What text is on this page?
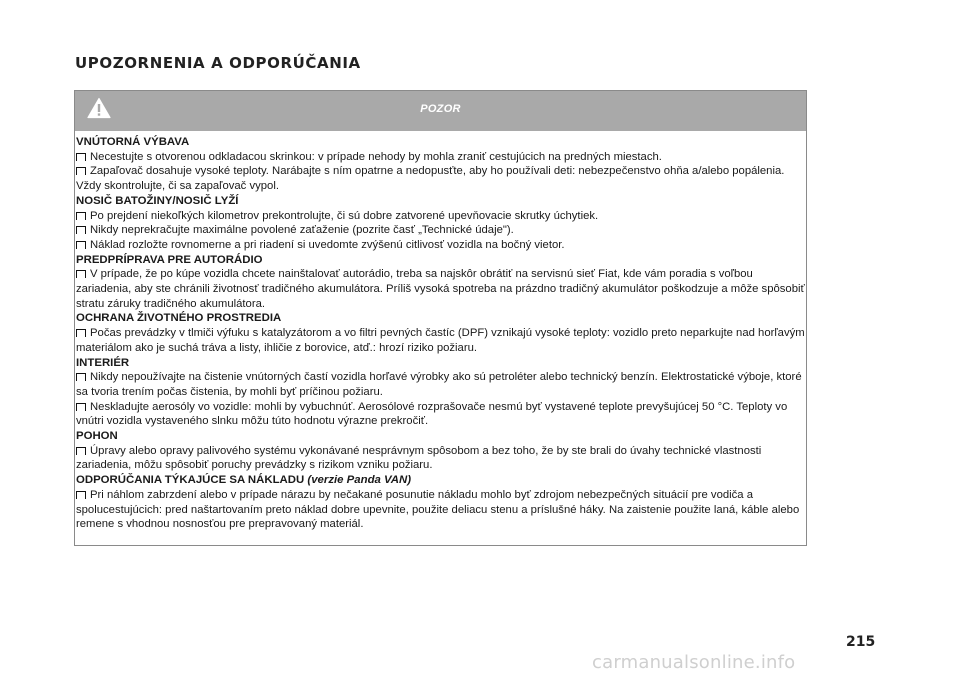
UPOZORNENIA A ODPORÚČANIA
POZOR
VNÚTORNÁ VÝBAVA

Necestujte s otvorenou odkladacou skrinkou: v prípade nehody by mohla zraniť cestujúcich na predných miestach.

Zapaľovač dosahuje vysoké teploty. Narábajte s ním opatrne a nedopusťte, aby ho používali deti: nebezpečenstvo ohňa a/alebo popálenia. Vždy skontrolujte, či sa zapaľovač vypol.

NOSIČ BATOŽINY/NOSIČ LYŽÍ

Po prejdení niekoľkých kilometrov prekontrolujte, či sú dobre zatvorené upevňovacie skrutky úchytiek.

Nikdy neprekračujte maximálne povolené zaťaženie (pozrite časť „Technické údaje").

Náklad rozložte rovnomerne a pri riadení si uvedomte zvýšenú citlivosť vozidla na bočný vietor.

PREDPRÍPRAVA PRE AUTORÁDIO

V prípade, že po kúpe vozidla chcete nainštalovať autorádio, treba sa najskôr obrátiť na servisnú sieť Fiat, kde vám poradia s voľbou zariadenia, aby ste chránili životnosť tradičného akumulátora. Príliš vysoká spotreba na prázdno tradičný akumulátor poškodzuje a môže spôsobiť stratu záruky tradičného akumulátora.

OCHRANA ŽIVOTNÉHO PROSTREDIA

Počas prevádzky v tlmiči výfuku s katalyzátorom a vo filtri pevných častíc (DPF) vznikajú vysoké teploty: vozidlo preto neparkujte nad horľavým materiálom ako je suchá tráva a listy, ihličie z borovice, atď.: hrozí riziko požiaru.

INTERIÉR

Nikdy nepoužívajte na čistenie vnútorných častí vozidla horľavé výrobky ako sú petroléter alebo technický benzín. Elektrostatické výboje, ktoré sa tvoria trením počas čistenia, by mohli byť príčinou požiaru.

Neskladujte aerosóly vo vozidle: mohli by vybuchnúť. Aerosólové rozprašovače nesmú byť vystavené teplote prevyšujúcej 50 °C. Teploty vo vnútri vozidla vystaveného slnku môžu túto hodnotu výrazne prekročiť.

POHON

Úpravy alebo opravy palivového systému vykonávané nesprávnym spôsobom a bez toho, že by ste brali do úvahy technické vlastnosti zariadenia, môžu spôsobiť poruchy prevádzky s rizikom vzniku požiaru.

ODPORÚČANIA TÝKAJÚCE SA NÁKLADU (verzie Panda VAN)

Pri náhlom zabrzdení alebo v prípade nárazu by nečakané posunutie nákladu mohlo byť zdrojom nebezpečných situácií pre vodiča a spolucestujúcich: pred naštartovaním preto náklad dobre upevnite, použite deliacu stenu a príslušné háky. Na zaistenie použite laná, káble alebo remene s vhodnou nosnosťou pre prepravovaný materiál.

215
carmanualsonline.info
